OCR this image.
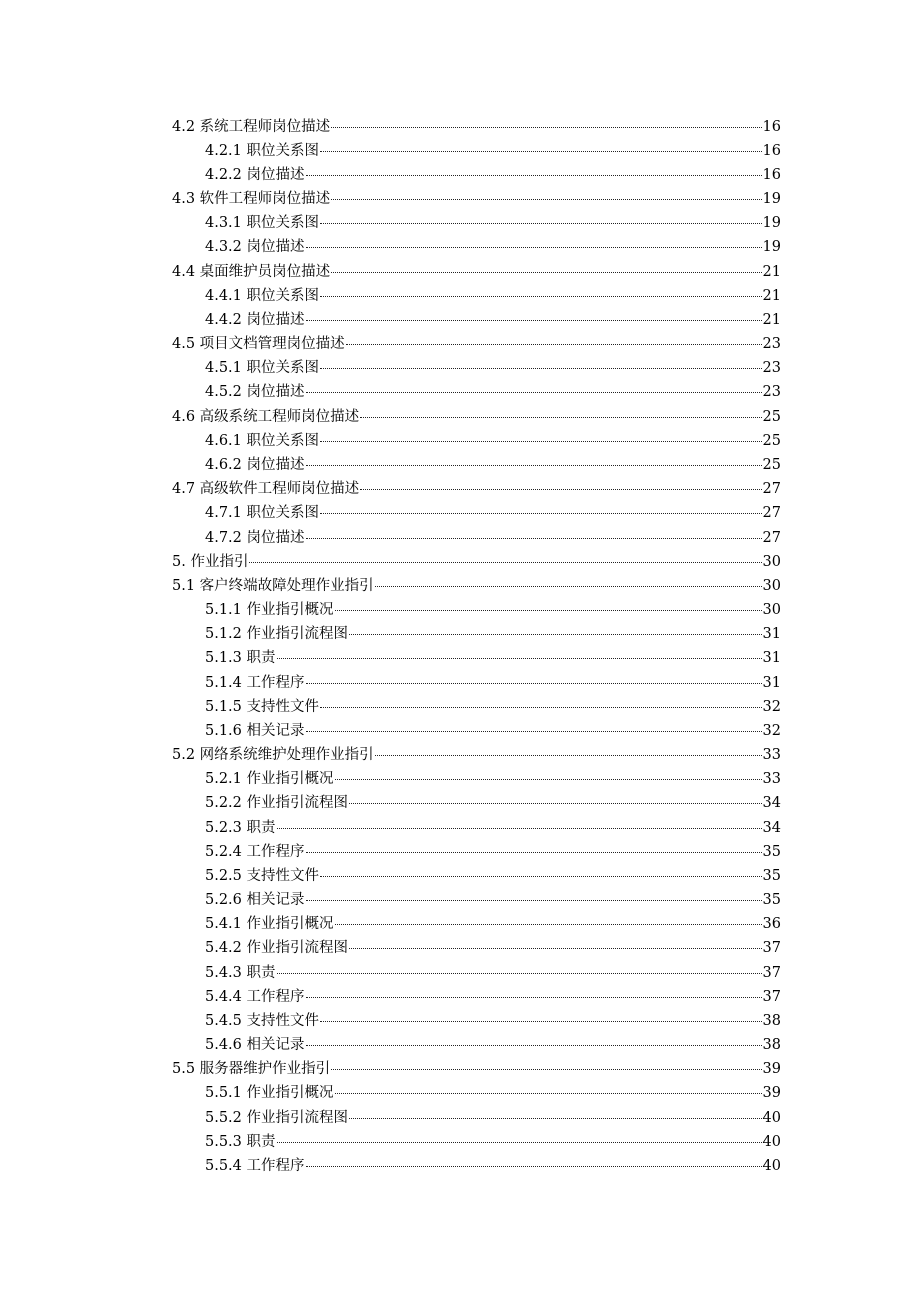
4.2 系统工程师岗位描述	16
4.2.1 职位关系图	16
4.2.2 岗位描述	16
4.3 软件工程师岗位描述	19
4.3.1 职位关系图	19
4.3.2 岗位描述	19
4.4 桌面维护员岗位描述	21
4.4.1 职位关系图	21
4.4.2 岗位描述	21
4.5 项目文档管理岗位描述	23
4.5.1 职位关系图	23
4.5.2 岗位描述	23
4.6 高级系统工程师岗位描述	25
4.6.1 职位关系图	25
4.6.2 岗位描述	25
4.7 高级软件工程师岗位描述	27
4.7.1 职位关系图	27
4.7.2 岗位描述	27
5. 作业指引	30
5.1 客户终端故障处理作业指引	30
5.1.1 作业指引概况	30
5.1.2 作业指引流程图	31
5.1.3 职责	31
5.1.4 工作程序	31
5.1.5 支持性文件	32
5.1.6 相关记录	32
5.2 网络系统维护处理作业指引	33
5.2.1 作业指引概况	33
5.2.2 作业指引流程图	34
5.2.3 职责	34
5.2.4 工作程序	35
5.2.5 支持性文件	35
5.2.6 相关记录	35
5.4.1 作业指引概况	36
5.4.2 作业指引流程图	37
5.4.3 职责	37
5.4.4 工作程序	37
5.4.5 支持性文件	38
5.4.6 相关记录	38
5.5 服务器维护作业指引	39
5.5.1 作业指引概况	39
5.5.2 作业指引流程图	40
5.5.3 职责	40
5.5.4 工作程序	40
